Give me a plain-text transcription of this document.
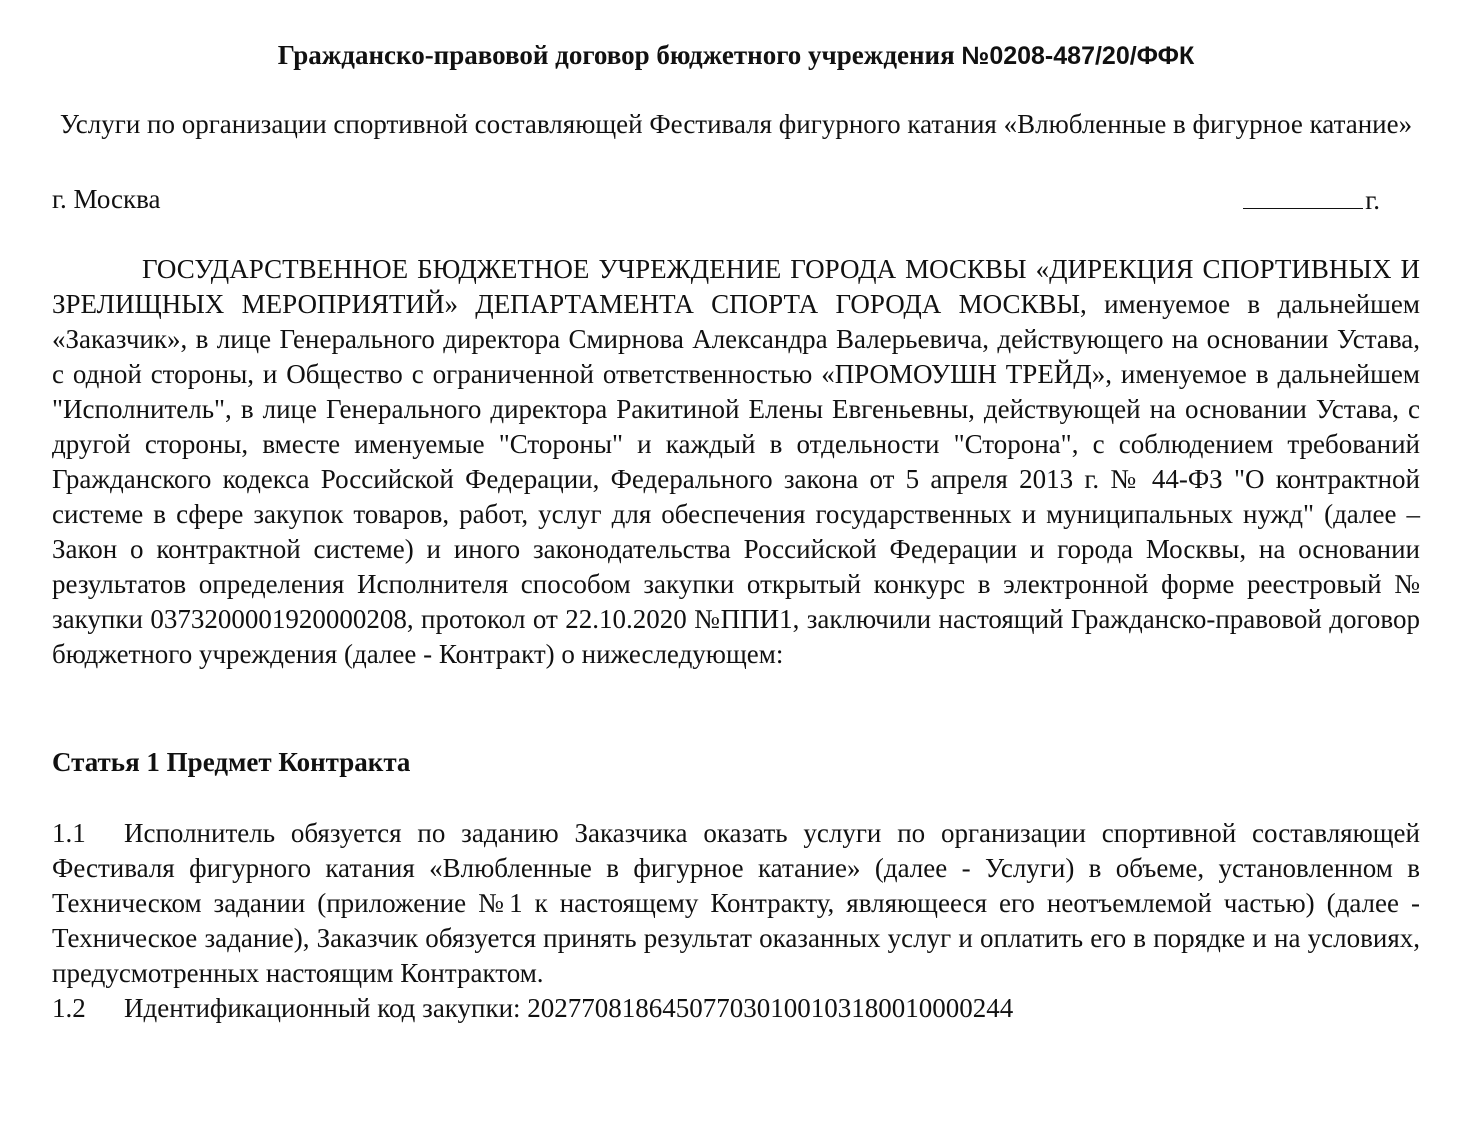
Гражданско-правовой договор бюджетного учреждения №0208-487/20/ФФК
Услуги по организации спортивной составляющей Фестиваля фигурного катания «Влюбленные в фигурное катание»
г. Москва	г.

ГОСУДАРСТВЕННОЕ БЮДЖЕТНОЕ УЧРЕЖДЕНИЕ ГОРОДА МОСКВЫ «ДИРЕКЦИЯ СПОРТИВНЫХ И ЗРЕЛИЩНЫХ МЕРОПРИЯТИЙ» ДЕПАРТАМЕНТА СПОРТА ГОРОДА МОСКВЫ, именуемое в дальнейшем «Заказчик», в лице Генерального директора Смирнова Александра Валерьевича, действующего на основании Устава, с одной стороны, и Общество с ограниченной ответственностью «ПРОМОУШН ТРЕЙД», именуемое в дальнейшем "Исполнитель", в лице Генерального директора Ракитиной Елены Евгеньевны, действующей на основании Устава, с другой стороны, вместе именуемые "Стороны" и каждый в отдельности "Сторона", с соблюдением требований Гражданского кодекса Российской Федерации, Федерального закона от 5 апреля 2013 г. № 44-ФЗ "О контрактной системе в сфере закупок товаров, работ, услуг для обеспечения государственных и муниципальных нужд" (далее – Закон о контрактной системе) и иного законодательства Российской Федерации и города Москвы, на основании результатов определения Исполнителя способом закупки открытый конкурс в электронной форме реестровый № закупки 0373200001920000208, протокол от 22.10.2020 №ППИ1, заключили настоящий Гражданско-правовой договор бюджетного учреждения (далее - Контракт) о нижеследующем:

Статья 1 Предмет Контракта

1.1 Исполнитель обязуется по заданию Заказчика оказать услуги по организации спортивной составляющей Фестиваля фигурного катания «Влюбленные в фигурное катание» (далее - Услуги) в объеме, установленном в Техническом задании (приложение №1 к настоящему Контракту, являющееся его неотъемлемой частью) (далее - Техническое задание), Заказчик обязуется принять результат оказанных услуг и оплатить его в порядке и на условиях, предусмотренных настоящим Контрактом.

1.2 Идентификационный код закупки: 202770818645077030100103180010000244
